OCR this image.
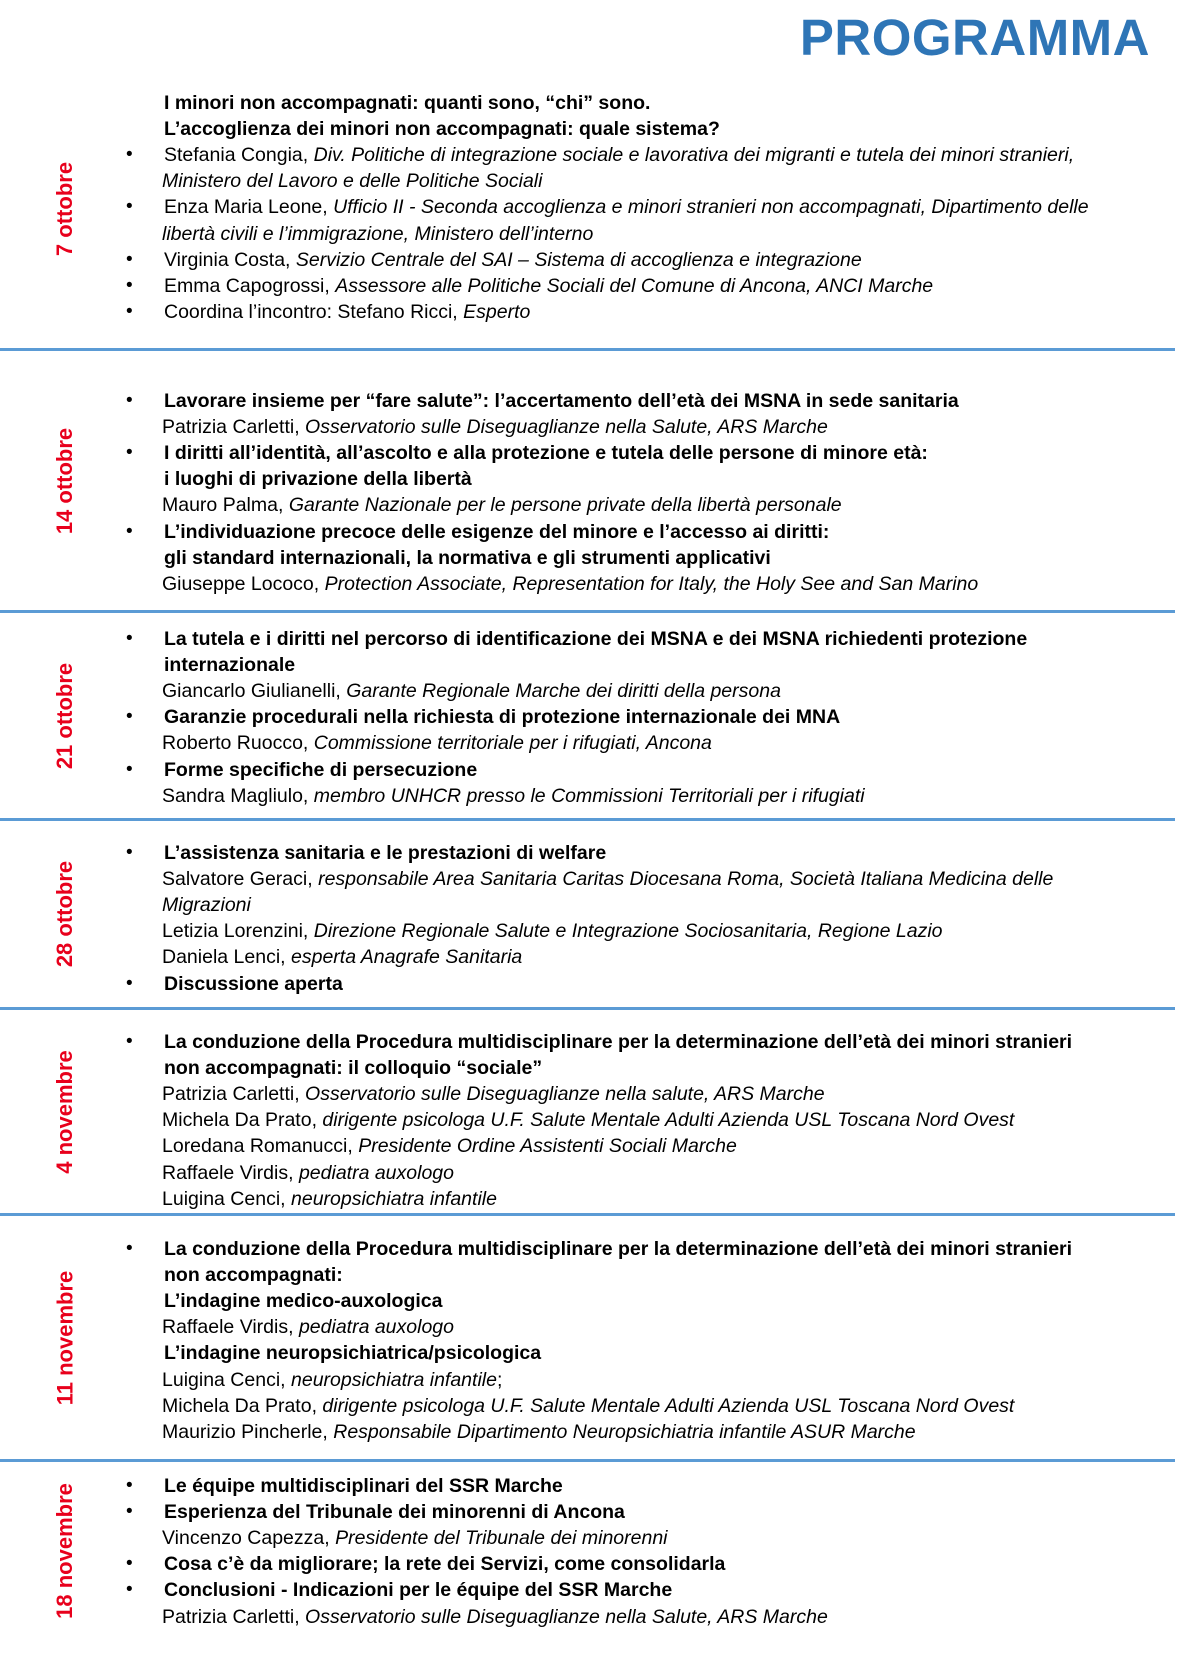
PROGRAMMA
7 ottobre
I minori non accompagnati: quanti sono, “chi” sono.
L’accoglienza dei minori non accompagnati: quale sistema?
• Stefania Congia, Div. Politiche di integrazione sociale e lavorativa dei migranti e tutela dei minori stranieri,
Ministero del Lavoro e delle Politiche Sociali
• Enza Maria Leone, Ufficio II - Seconda accoglienza e minori stranieri non accompagnati, Dipartimento delle
libertà civili e l’immigrazione, Ministero dell’interno
• Virginia Costa, Servizio Centrale del SAI – Sistema di accoglienza e integrazione
• Emma Capogrossi, Assessore alle Politiche Sociali del Comune di Ancona, ANCI Marche
• Coordina l’incontro: Stefano Ricci, Esperto
14 ottobre
• Lavorare insieme per “fare salute”: l’accertamento dell’età dei MSNA in sede sanitaria
Patrizia Carletti, Osservatorio sulle Diseguaglianze nella Salute, ARS Marche
• I diritti all’identità, all’ascolto e alla protezione e tutela delle persone di minore età:
i luoghi di privazione della libertà
Mauro Palma, Garante Nazionale per le persone private della libertà personale
• L’individuazione precoce delle esigenze del minore e l’accesso ai diritti:
gli standard internazionali, la normativa e gli strumenti applicativi
Giuseppe Lococo, Protection Associate, Representation for Italy, the Holy See and San Marino
21 ottobre
• La tutela e i diritti nel percorso di identificazione dei MSNA e dei MSNA richiedenti protezione
internazionale
Giancarlo Giulianelli, Garante Regionale Marche dei diritti della persona
• Garanzie procedurali nella richiesta di protezione internazionale dei MNA
Roberto Ruocco, Commissione territoriale per i rifugiati, Ancona
• Forme specifiche di persecuzione
Sandra Magliulo, membro UNHCR presso le Commissioni Territoriali per i rifugiati
28 ottobre
• L’assistenza sanitaria e le prestazioni di welfare
Salvatore Geraci, responsabile Area Sanitaria Caritas Diocesana Roma, Società Italiana Medicina delle
Migrazioni
Letizia Lorenzini, Direzione Regionale Salute e Integrazione Sociosanitaria, Regione Lazio
Daniela Lenci, esperta Anagrafe Sanitaria
• Discussione aperta
4 novembre
• La conduzione della Procedura multidisciplinare per la determinazione dell’età dei minori stranieri
non accompagnati: il colloquio “sociale”
Patrizia Carletti, Osservatorio sulle Diseguaglianze nella salute, ARS Marche
Michela Da Prato, dirigente psicologa U.F. Salute Mentale Adulti Azienda USL Toscana Nord Ovest
Loredana Romanucci, Presidente Ordine Assistenti Sociali Marche
Raffaele Virdis, pediatra auxologo
Luigina Cenci, neuropsichiatra infantile
11 novembre
• La conduzione della Procedura multidisciplinare per la determinazione dell’età dei minori stranieri
non accompagnati:
L’indagine medico-auxologica
Raffaele Virdis, pediatra auxologo
L’indagine neuropsichiatrica/psicologica
Luigina Cenci, neuropsichiatra infantile;
Michela Da Prato, dirigente psicologa U.F. Salute Mentale Adulti Azienda USL Toscana Nord Ovest
Maurizio Pincherle, Responsabile Dipartimento Neuropsichiatria infantile ASUR Marche
18 novembre	• Le équipe multidisciplinari del SSR Marche
• Esperienza del Tribunale dei minorenni di Ancona
Vincenzo Capezza, Presidente del Tribunale dei minorenni
• Cosa c’è da migliorare; la rete dei Servizi, come consolidarla
• Conclusioni - Indicazioni per le équipe del SSR Marche
Patrizia Carletti, Osservatorio sulle Diseguaglianze nella Salute, ARS Marche
